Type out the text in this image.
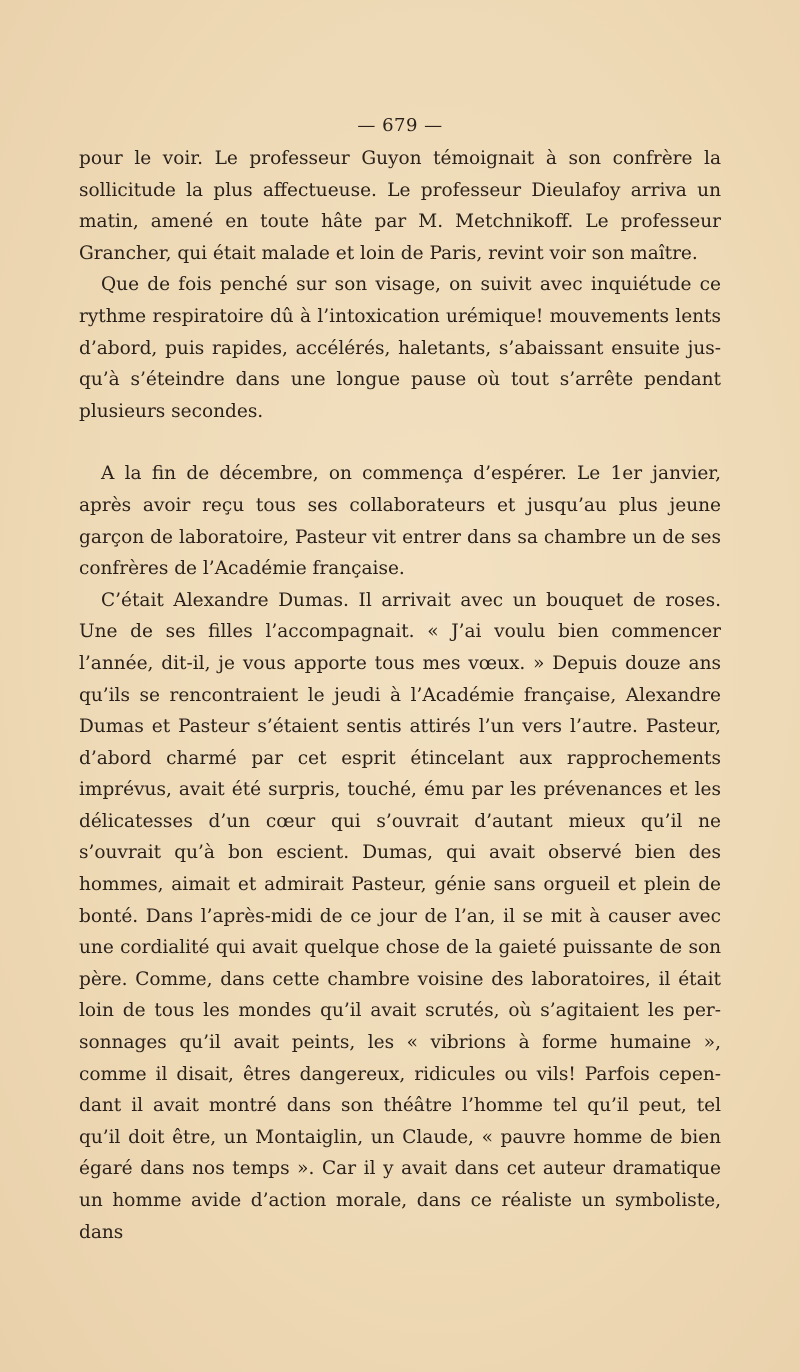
— 679 —

pour le voir. Le professeur Guyon témoignait à son confrère la sollicitude la plus affectueuse. Le professeur Dieulafoy arriva un matin, amené en toute hâte par M. Metchnikoff. Le professeur Grancher, qui était malade et loin de Paris, revint voir son maître.

Que de fois penché sur son visage, on suivit avec inquiétude ce rythme respiratoire dû à l’intoxication urémique! mouvements lents d’abord, puis rapides, accélérés, haletants, s’abaissant ensuite jus-qu’à s’éteindre dans une longue pause où tout s’arrête pendant plusieurs secondes.

A la fin de décembre, on commença d’espérer. Le 1er janvier, après avoir reçu tous ses collaborateurs et jusqu’au plus jeune garçon de laboratoire, Pasteur vit entrer dans sa chambre un de ses confrères de l’Académie française.

C’était Alexandre Dumas. Il arrivait avec un bouquet de roses. Une de ses filles l’accompagnait. « J’ai voulu bien commencer l’année, dit-il, je vous apporte tous mes vœux. » Depuis douze ans qu’ils se rencontraient le jeudi à l’Académie française, Alexandre Dumas et Pasteur s’étaient sentis attirés l’un vers l’autre. Pasteur, d’abord charmé par cet esprit étincelant aux rapprochements imprévus, avait été surpris, touché, ému par les prévenances et les délicatesses d’un cœur qui s’ouvrait d’autant mieux qu’il ne s’ouvrait qu’à bon escient. Dumas, qui avait observé bien des hommes, aimait et admirait Pasteur, génie sans orgueil et plein de bonté. Dans l’après-midi de ce jour de l’an, il se mit à causer avec une cordialité qui avait quelque chose de la gaieté puissante de son père. Comme, dans cette chambre voisine des laboratoires, il était loin de tous les mondes qu’il avait scrutés, où s’agitaient les per-sonnages qu’il avait peints, les « vibrions à forme humaine », comme il disait, êtres dangereux, ridicules ou vils! Parfois cepen-dant il avait montré dans son théâtre l’homme tel qu’il peut, tel qu’il doit être, un Montaiglin, un Claude, « pauvre homme de bien égaré dans nos temps ». Car il y avait dans cet auteur dramatique un homme avide d’action morale, dans ce réaliste un symboliste, dans
